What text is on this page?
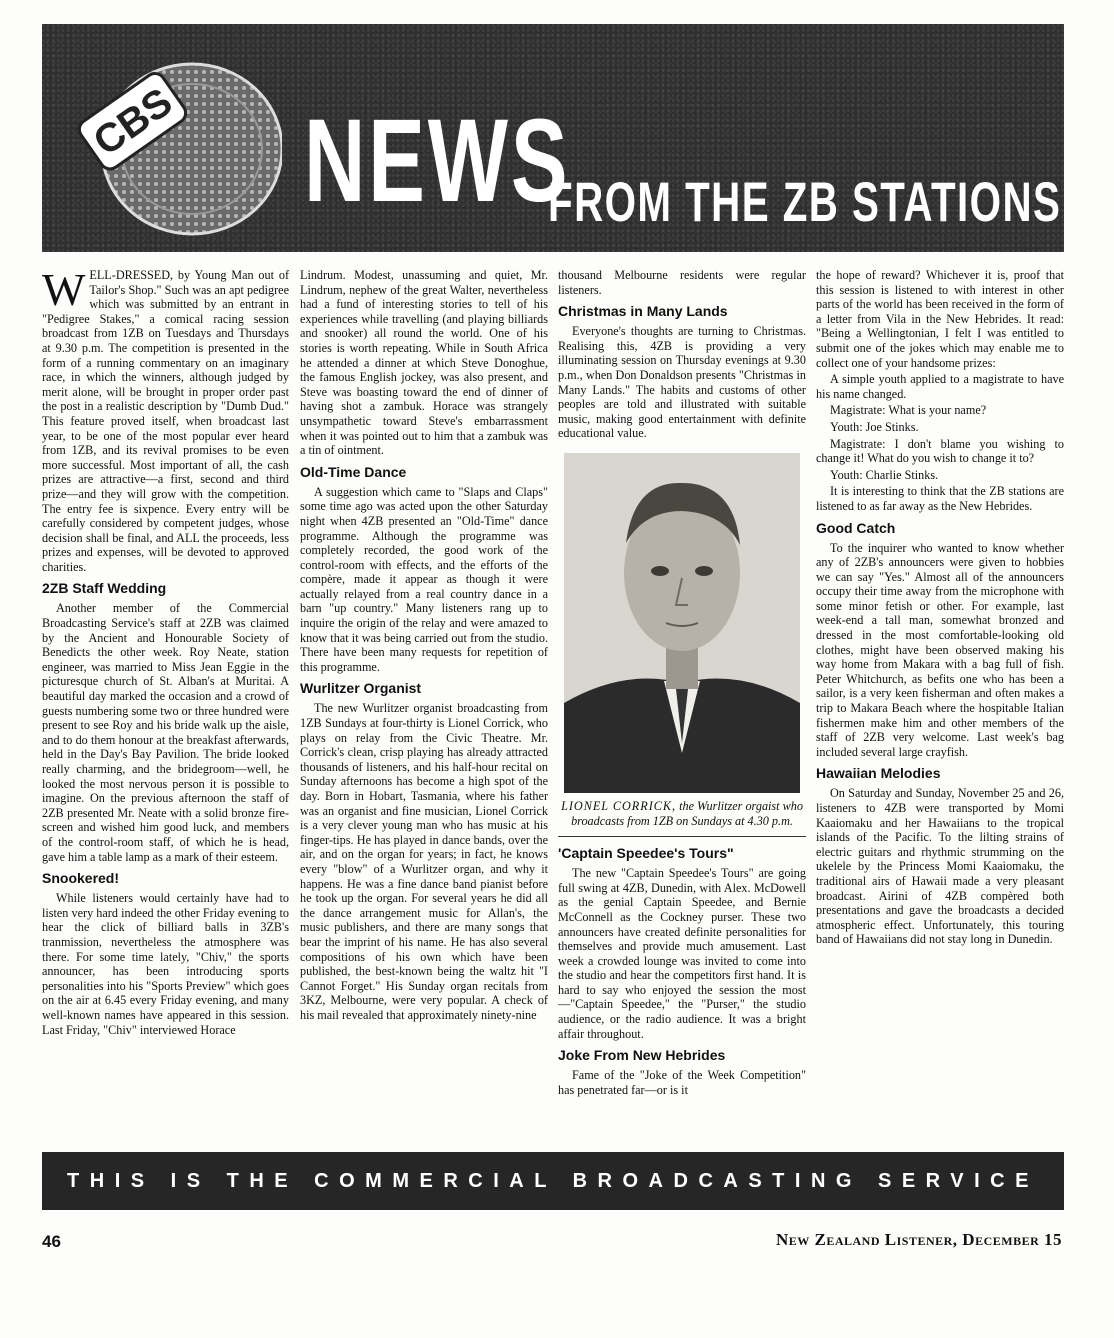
CBS NEWS
FROM THE ZB STATIONS

WELL-DRESSED, by Young Man out of Tailor's Shop." Such was an apt pedigree which was submitted by an entrant in "Pedigree Stakes," a comical racing session broadcast from 1ZB on Tuesdays and Thursdays at 9.30 p.m. The competition is presented in the form of a running commentary on an imaginary race, in which the winners, although judged by merit alone, will be brought in proper order past the post in a realistic description by "Dumb Dud." This feature proved itself, when broadcast last year, to be one of the most popular ever heard from 1ZB, and its revival promises to be even more successful. Most important of all, the cash prizes are attractive—a first, second and third prize—and they will grow with the competition. The entry fee is sixpence. Every entry will be carefully considered by competent judges, whose decision shall be final, and ALL the proceeds, less prizes and expenses, will be devoted to approved charities.

2ZB Staff Wedding

Another member of the Commercial Broadcasting Service's staff at 2ZB was claimed by the Ancient and Honourable Society of Benedicts the other week. Roy Neate, station engineer, was married to Miss Jean Eggie in the picturesque church of St. Alban's at Muritai. A beautiful day marked the occasion and a crowd of guests numbering some two or three hundred were present to see Roy and his bride walk up the aisle, and to do them honour at the breakfast afterwards, held in the Day's Bay Pavilion. The bride looked really charming, and the bridegroom—well, he looked the most nervous person it is possible to imagine. On the previous afternoon the staff of 2ZB presented Mr. Neate with a solid bronze fire-screen and wished him good luck, and members of the control-room staff, of which he is head, gave him a table lamp as a mark of their esteem.

Snookered!

While listeners would certainly have had to listen very hard indeed the other Friday evening to hear the click of billiard balls in 3ZB's tranmission, nevertheless the atmosphere was there. For some time lately, "Chiv," the sports announcer, has been introducing sports personalities into his "Sports Preview" which goes on the air at 6.45 every Friday evening, and many well-known names have appeared in this session. Last Friday, "Chiv" interviewed Horace

Lindrum. Modest, unassuming and quiet, Mr. Lindrum, nephew of the great Walter, nevertheless had a fund of interesting stories to tell of his experiences while travelling (and playing billiards and snooker) all round the world. One of his stories is worth repeating. While in South Africa he attended a dinner at which Steve Donoghue, the famous English jockey, was also present, and Steve was boasting toward the end of dinner of having shot a zambuk. Horace was strangely unsympathetic toward Steve's embarrassment when it was pointed out to him that a zambuk was a tin of ointment.

Old-Time Dance

A suggestion which came to "Slaps and Claps" some time ago was acted upon the other Saturday night when 4ZB presented an "Old-Time" dance programme. Although the programme was completely recorded, the good work of the control-room with effects, and the efforts of the compère, made it appear as though it were actually relayed from a real country dance in a barn "up country." Many listeners rang up to inquire the origin of the relay and were amazed to know that it was being carried out from the studio. There have been many requests for repetition of this programme.

Wurlitzer Organist

The new Wurlitzer organist broadcasting from 1ZB Sundays at four-thirty is Lionel Corrick, who plays on relay from the Civic Theatre. Mr. Corrick's clean, crisp playing has already attracted thousands of listeners, and his half-hour recital on Sunday afternoons has become a high spot of the day. Born in Hobart, Tasmania, where his father was an organist and fine musician, Lionel Corrick is a very clever young man who has music at his finger-tips. He has played in dance bands, over the air, and on the organ for years; in fact, he knows every "blow" of a Wurlitzer organ, and why it happens. He was a fine dance band pianist before he took up the organ. For several years he did all the dance arrangement music for Allan's, the music publishers, and there are many songs that bear the imprint of his name. He has also several compositions of his own which have been published, the best-known being the waltz hit "I Cannot Forget." His Sunday organ recitals from 3KZ, Melbourne, were very popular. A check of his mail revealed that approximately ninety-nine

thousand Melbourne residents were regular listeners.

Christmas in Many Lands

Everyone's thoughts are turning to Christmas. Realising this, 4ZB is providing a very illuminating session on Thursday evenings at 9.30 p.m., when Don Donaldson presents "Christmas in Many Lands." The habits and customs of other peoples are told and illustrated with suitable music, making good entertainment with definite educational value.

LIONEL CORRICK, the Wurlitzer orgaist who broadcasts from 1ZB on Sundays at 4.30 p.m.
'Captain Speedee's Tours"

The new "Captain Speedee's Tours" are going full swing at 4ZB, Dunedin, with Alex. McDowell as the genial Captain Speedee, and Bernie McConnell as the Cockney purser. These two announcers have created definite personalities for themselves and provide much amusement. Last week a crowded lounge was invited to come into the studio and hear the competitors first hand. It is hard to say who enjoyed the session the most—"Captain Speedee," the "Purser," the studio audience, or the radio audience. It was a bright affair throughout.

Joke From New Hebrides

Fame of the "Joke of the Week Competition" has penetrated far—or is it

the hope of reward? Whichever it is, proof that this session is listened to with interest in other parts of the world has been received in the form of a letter from Vila in the New Hebrides. It read: "Being a Wellingtonian, I felt I was entitled to submit one of the jokes which may enable me to collect one of your handsome prizes:

A simple youth applied to a magistrate to have his name changed.

Magistrate: What is your name?

Youth: Joe Stinks.

Magistrate: I don't blame you wishing to change it! What do you wish to change it to?

Youth: Charlie Stinks.

It is interesting to think that the ZB stations are listened to as far away as the New Hebrides.

Good Catch

To the inquirer who wanted to know whether any of 2ZB's announcers were given to hobbies we can say "Yes." Almost all of the announcers occupy their time away from the microphone with some minor fetish or other. For example, last week-end a tall man, somewhat bronzed and dressed in the most comfortable-looking old clothes, might have been observed making his way home from Makara with a bag full of fish. Peter Whitchurch, as befits one who has been a sailor, is a very keen fisherman and often makes a trip to Makara Beach where the hospitable Italian fishermen make him and other members of the staff of 2ZB very welcome. Last week's bag included several large crayfish.

Hawaiian Melodies

On Saturday and Sunday, November 25 and 26, listeners to 4ZB were transported by Momi Kaaiomaku and her Hawaiians to the tropical islands of the Pacific. To the lilting strains of electric guitars and rhythmic strumming on the ukelele by the Princess Momi Kaaiomaku, the traditional airs of Hawaii made a very pleasant broadcast. Airini of 4ZB compèred both presentations and gave the broadcasts a decided atmospheric effect. Unfortunately, this touring band of Hawaiians did not stay long in Dunedin.

THIS IS THE COMMERCIAL BROADCASTING SERVICE
46	New Zealand Listener, December 15
